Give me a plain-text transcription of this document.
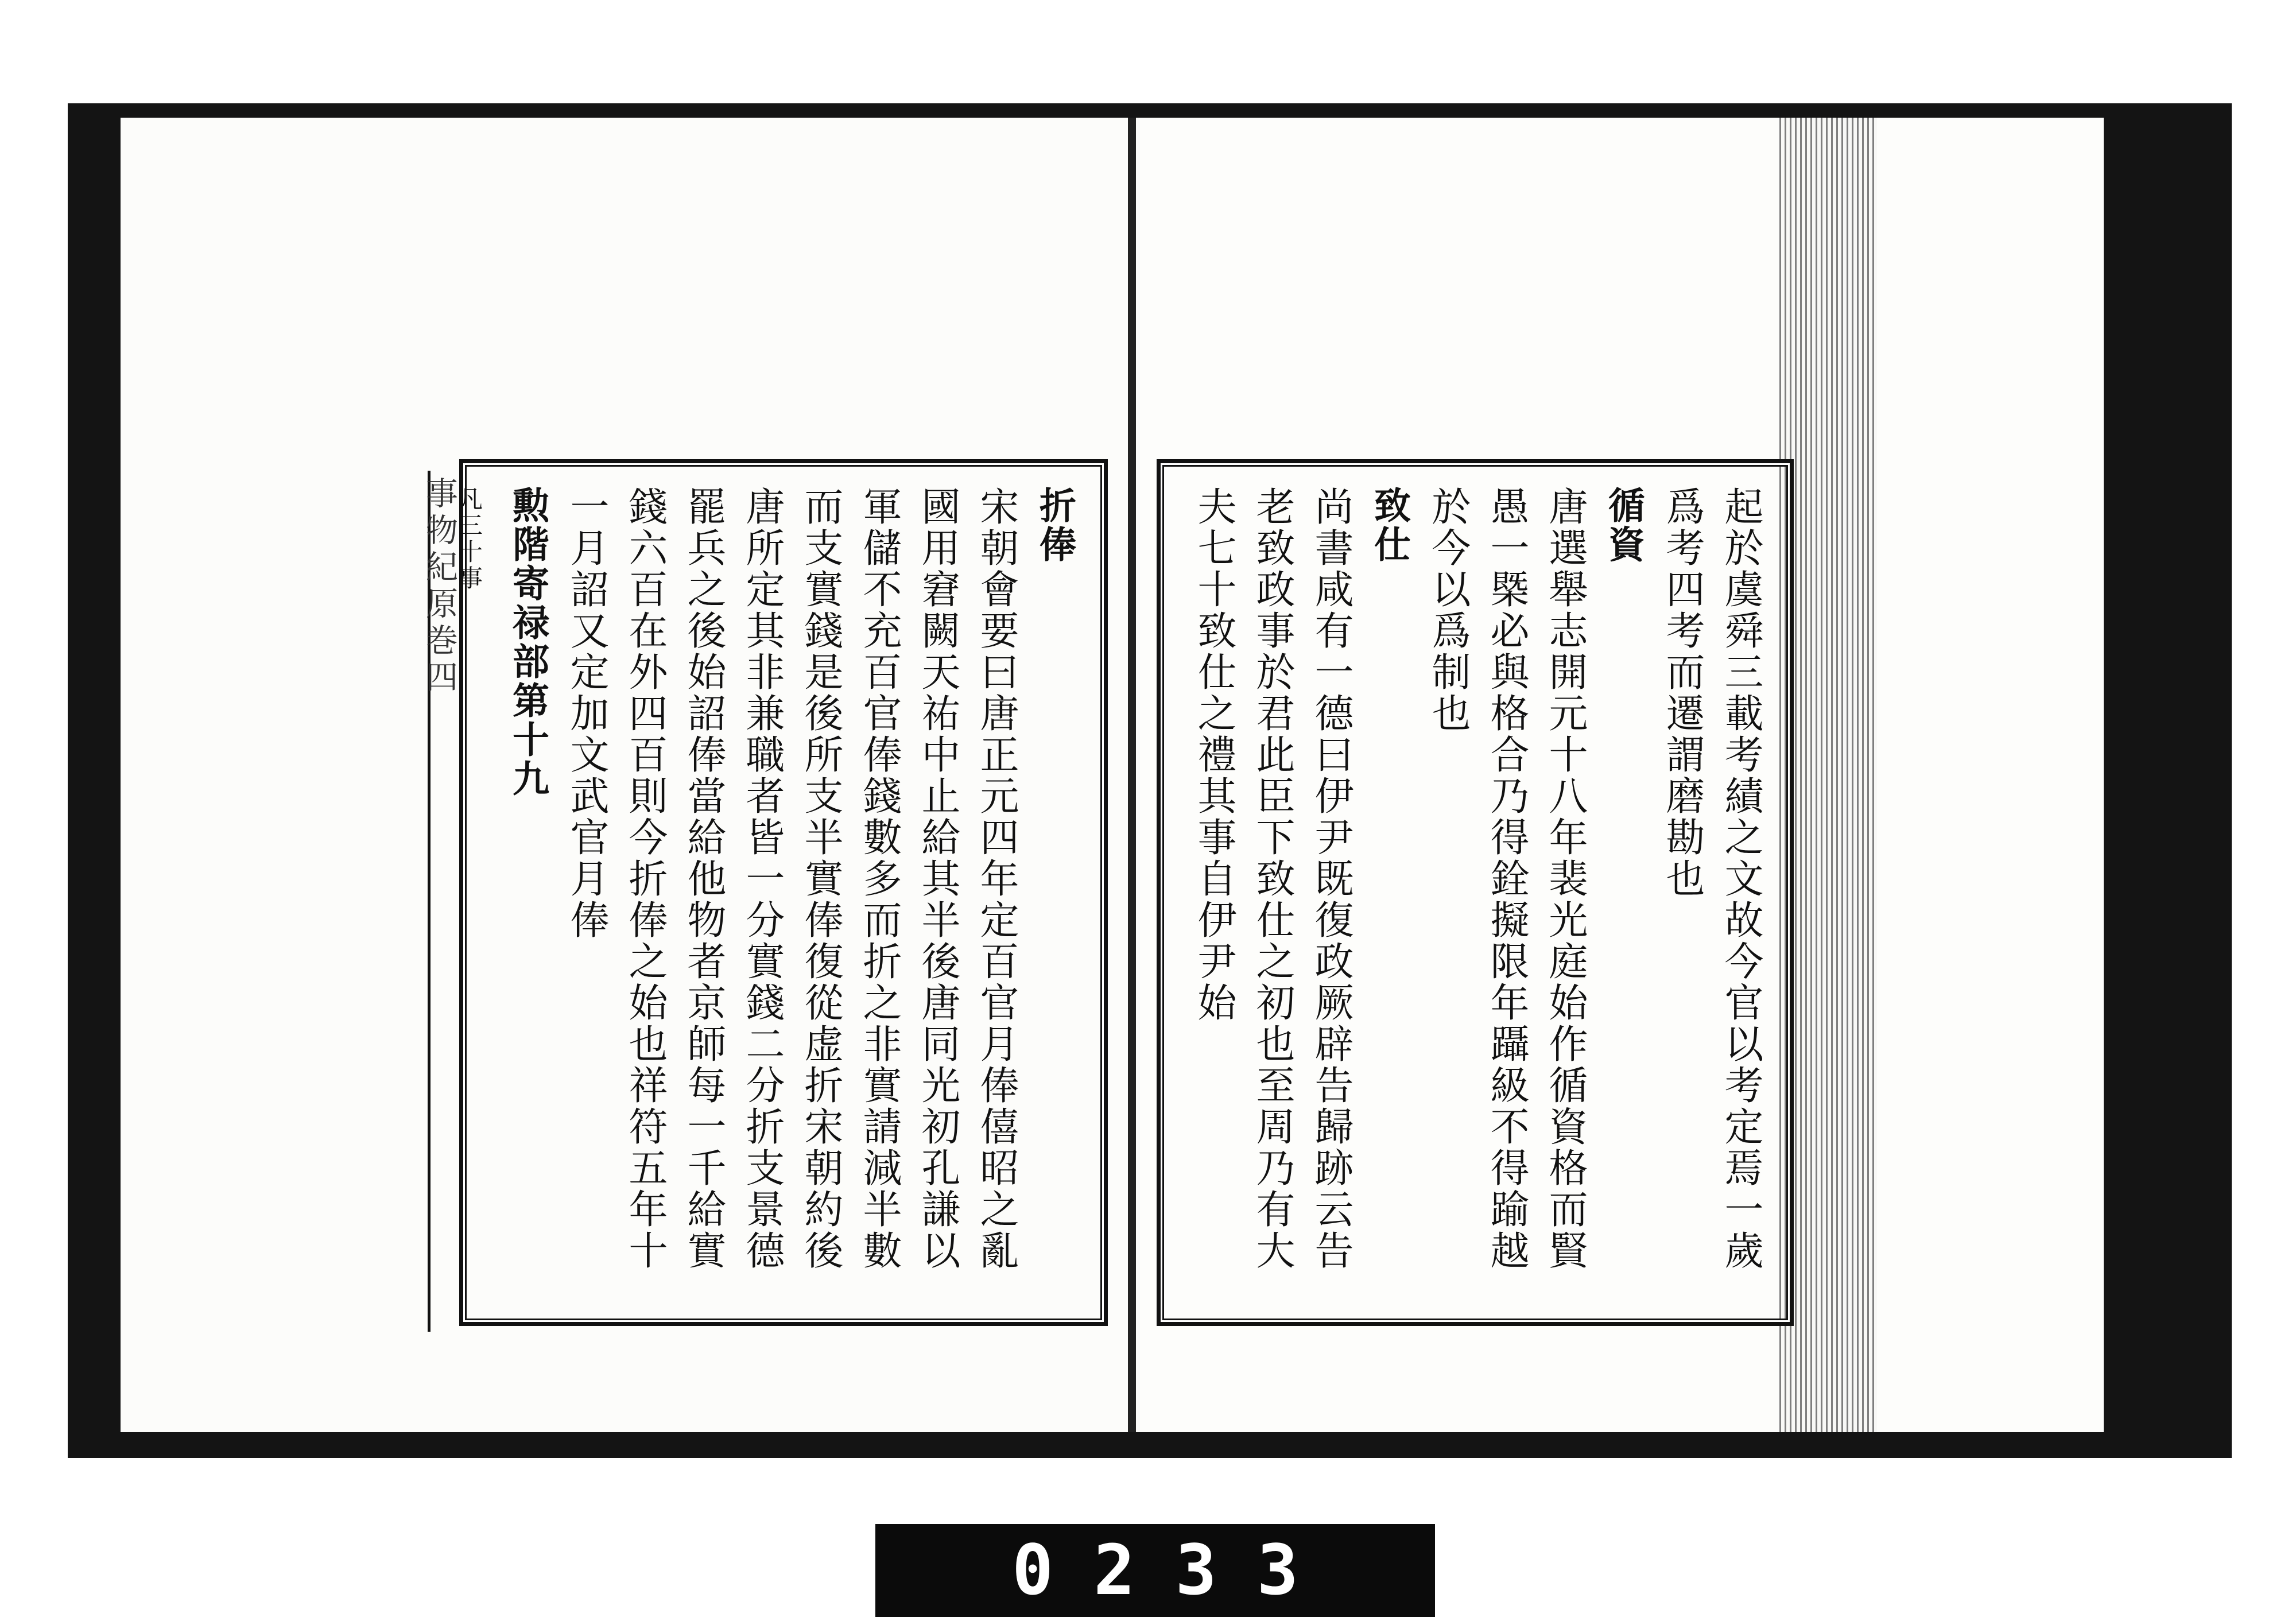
事物紀原巻四	折俸
宋朝會要曰唐正元四年定百官月俸僖昭之亂
國用窘闕天祐中止給其半後唐同光初孔謙以
軍儲不充百官俸錢數多而折之非實請減半數
而支實錢是後所支半實俸復從虚折宋朝約後
唐所定其非兼職者皆一分實錢二分折支景德
罷兵之後始詔俸當給他物者京師每一千給實
錢六百在外四百則今折俸之始也祥符五年十
一月詔又定加文武官月俸
勲階寄禄部第十九
凡三十事	起於虞舜三載考績之文故今官以考定焉一歲
爲考四考而遷謂磨勘也
循資
唐選舉志開元十八年裴光庭始作循資格而賢
愚一槩必與格合乃得銓擬限年躡級不得踰越
於今以爲制也
致仕
尚書咸有一德曰伊尹既復政厥辟告歸跡云告
老致政事於君此臣下致仕之初也至周乃有大
夫七十致仕之禮其事自伊尹始
0233
